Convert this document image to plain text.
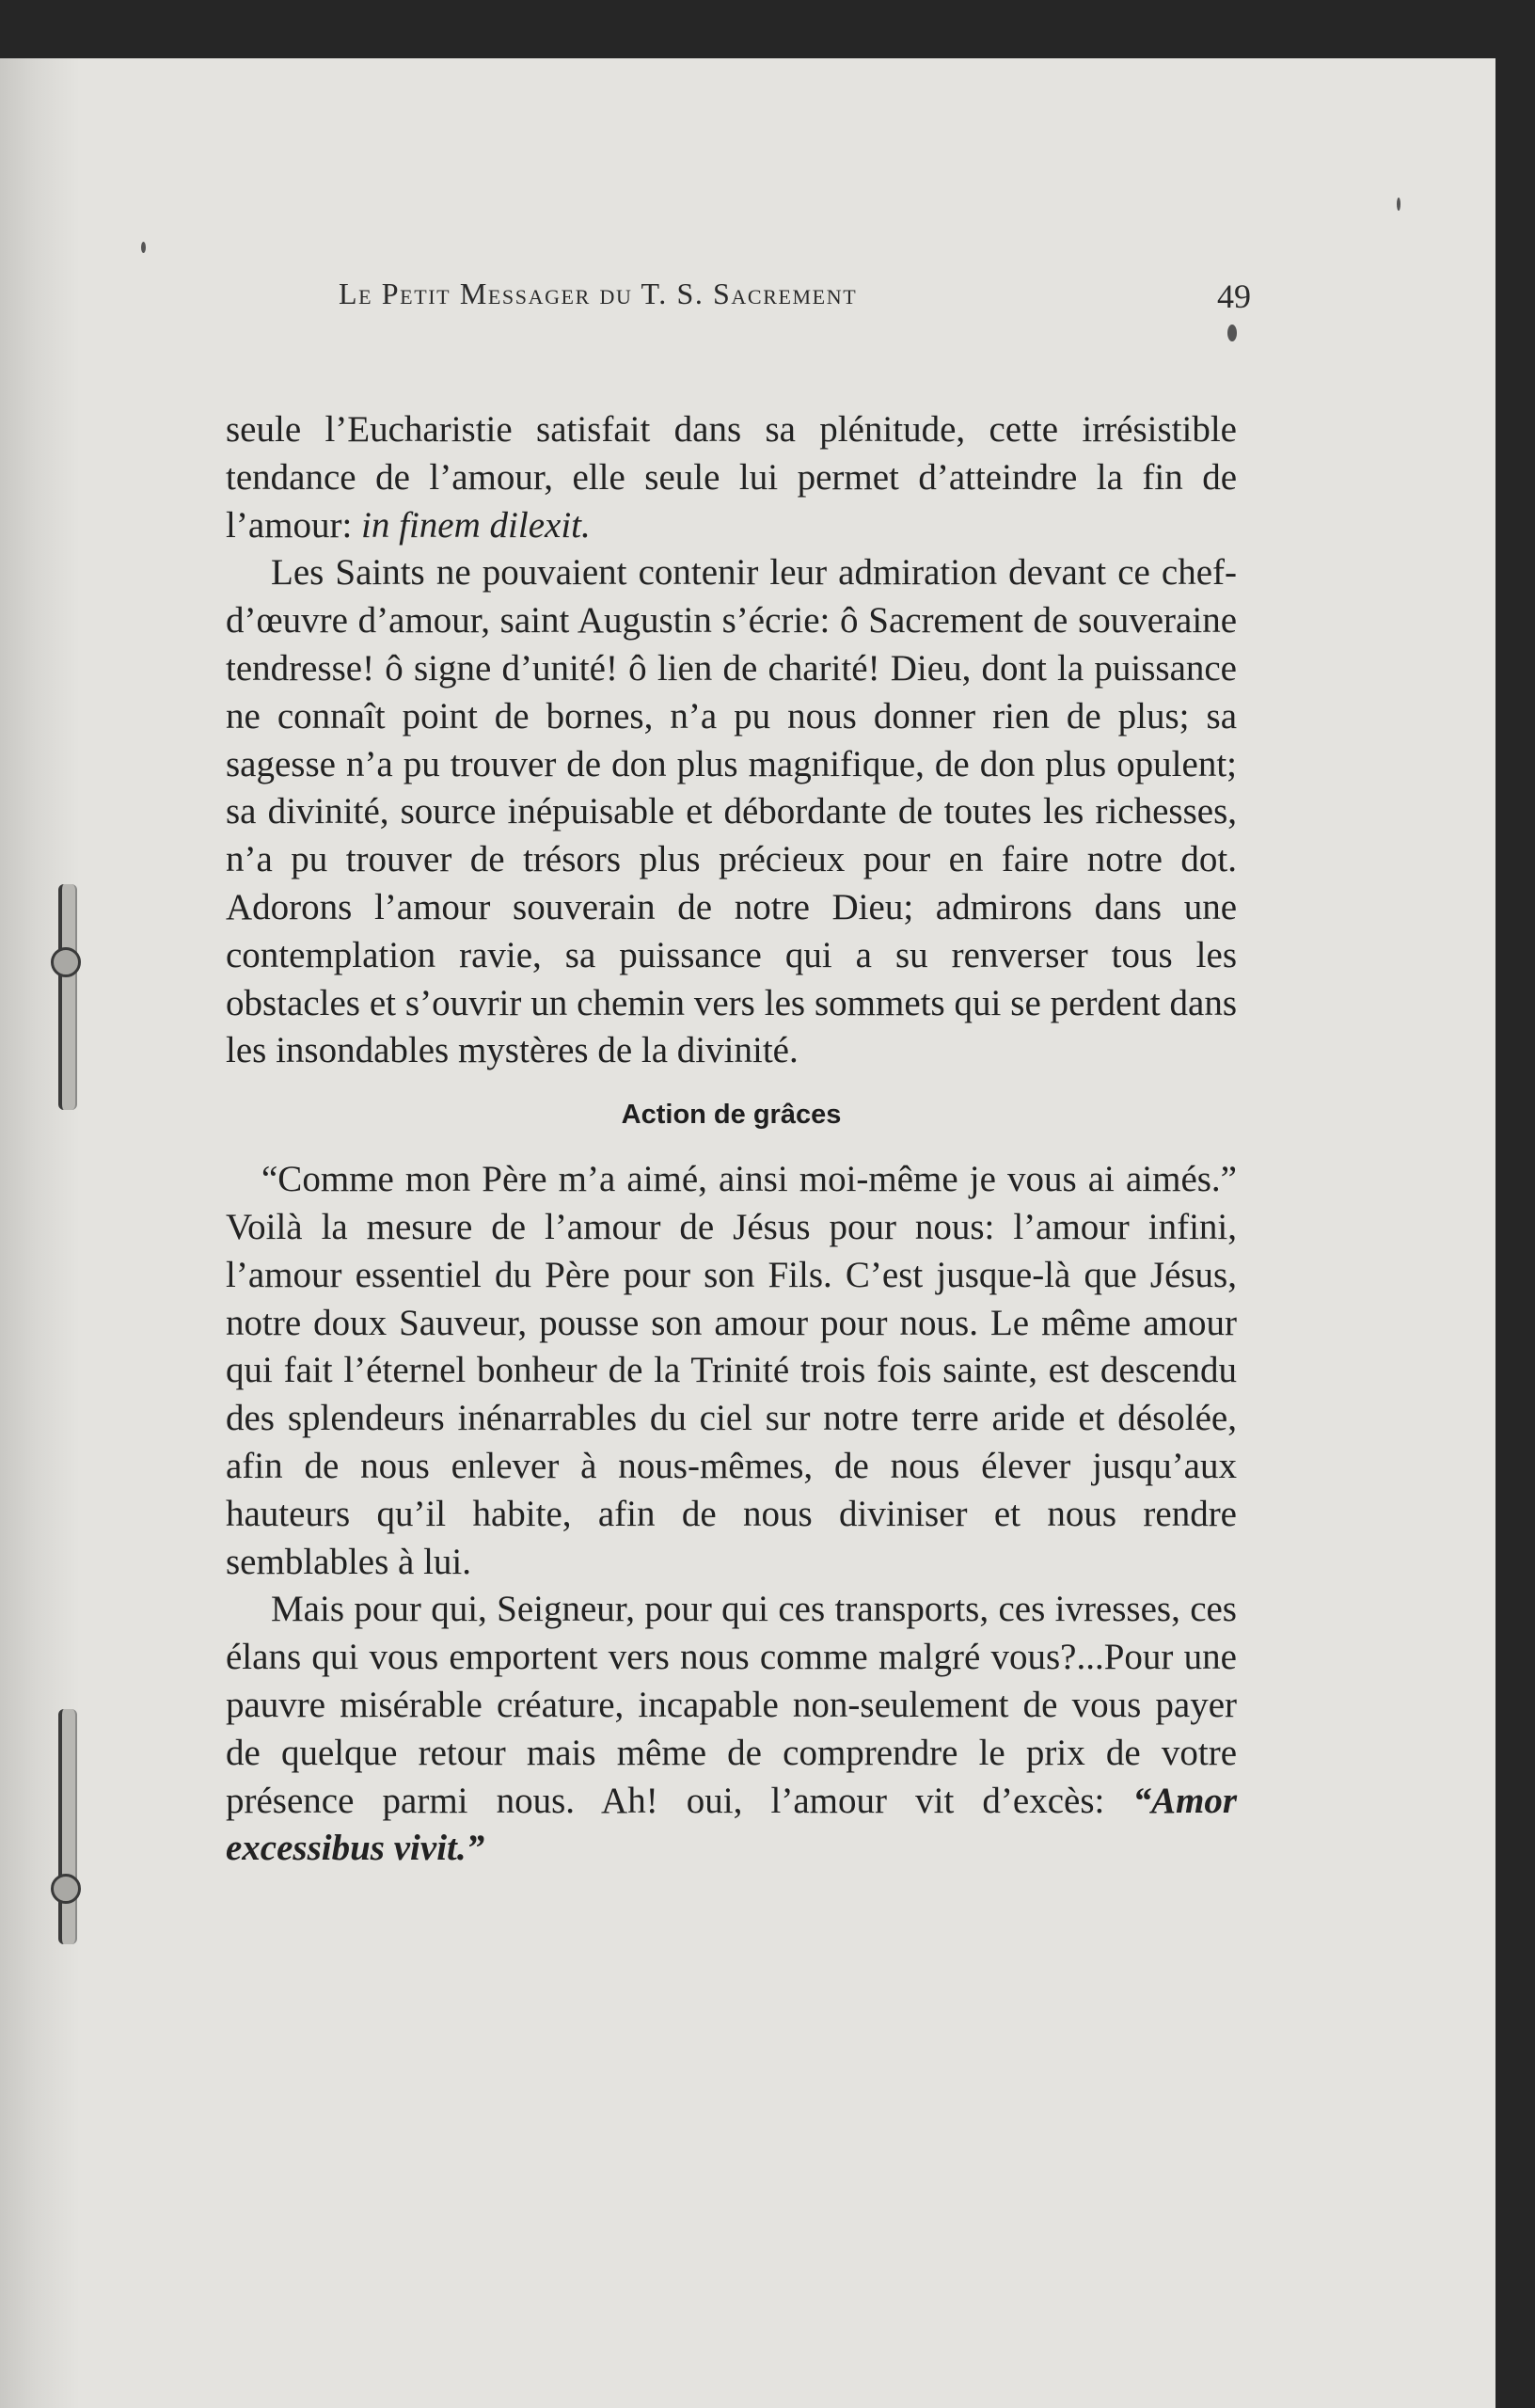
Le Petit Messager du T. S. Sacrement	49

seule l’Eucharistie satisfait dans sa plénitude, cette irrésistible tendance de l’amour, elle seule lui permet d’atteindre la fin de l’amour: in finem dilexit.

Les Saints ne pouvaient contenir leur admiration devant ce chef-d’œuvre d’amour, saint Augustin s’écrie: ô Sacrement de souveraine tendresse! ô signe d’unité! ô lien de charité! Dieu, dont la puissance ne connaît point de bornes, n’a pu nous donner rien de plus; sa sagesse n’a pu trouver de don plus magnifique, de don plus opulent; sa divinité, source inépuisable et débordante de toutes les richesses, n’a pu trouver de trésors plus précieux pour en faire notre dot. Adorons l’amour souverain de notre Dieu; admirons dans une contemplation ravie, sa puissance qui a su renverser tous les obstacles et s’ouvrir un chemin vers les sommets qui se perdent dans les insondables mystères de la divinité.

Action de grâces

“Comme mon Père m’a aimé, ainsi moi-même je vous ai aimés.” Voilà la mesure de l’amour de Jésus pour nous: l’amour infini, l’amour essentiel du Père pour son Fils. C’est jusque-là que Jésus, notre doux Sauveur, pousse son amour pour nous. Le même amour qui fait l’éternel bonheur de la Trinité trois fois sainte, est descendu des splendeurs inénarrables du ciel sur notre terre aride et désolée, afin de nous enlever à nous-mêmes, de nous élever jusqu’aux hauteurs qu’il habite, afin de nous diviniser et nous rendre semblables à lui.

Mais pour qui, Seigneur, pour qui ces transports, ces ivresses, ces élans qui vous emportent vers nous comme malgré vous?...Pour une pauvre misérable créature, incapable non-seulement de vous payer de quelque retour mais même de comprendre le prix de votre présence parmi nous. Ah! oui, l’amour vit d’excès: “Amor excessibus vivit.”
